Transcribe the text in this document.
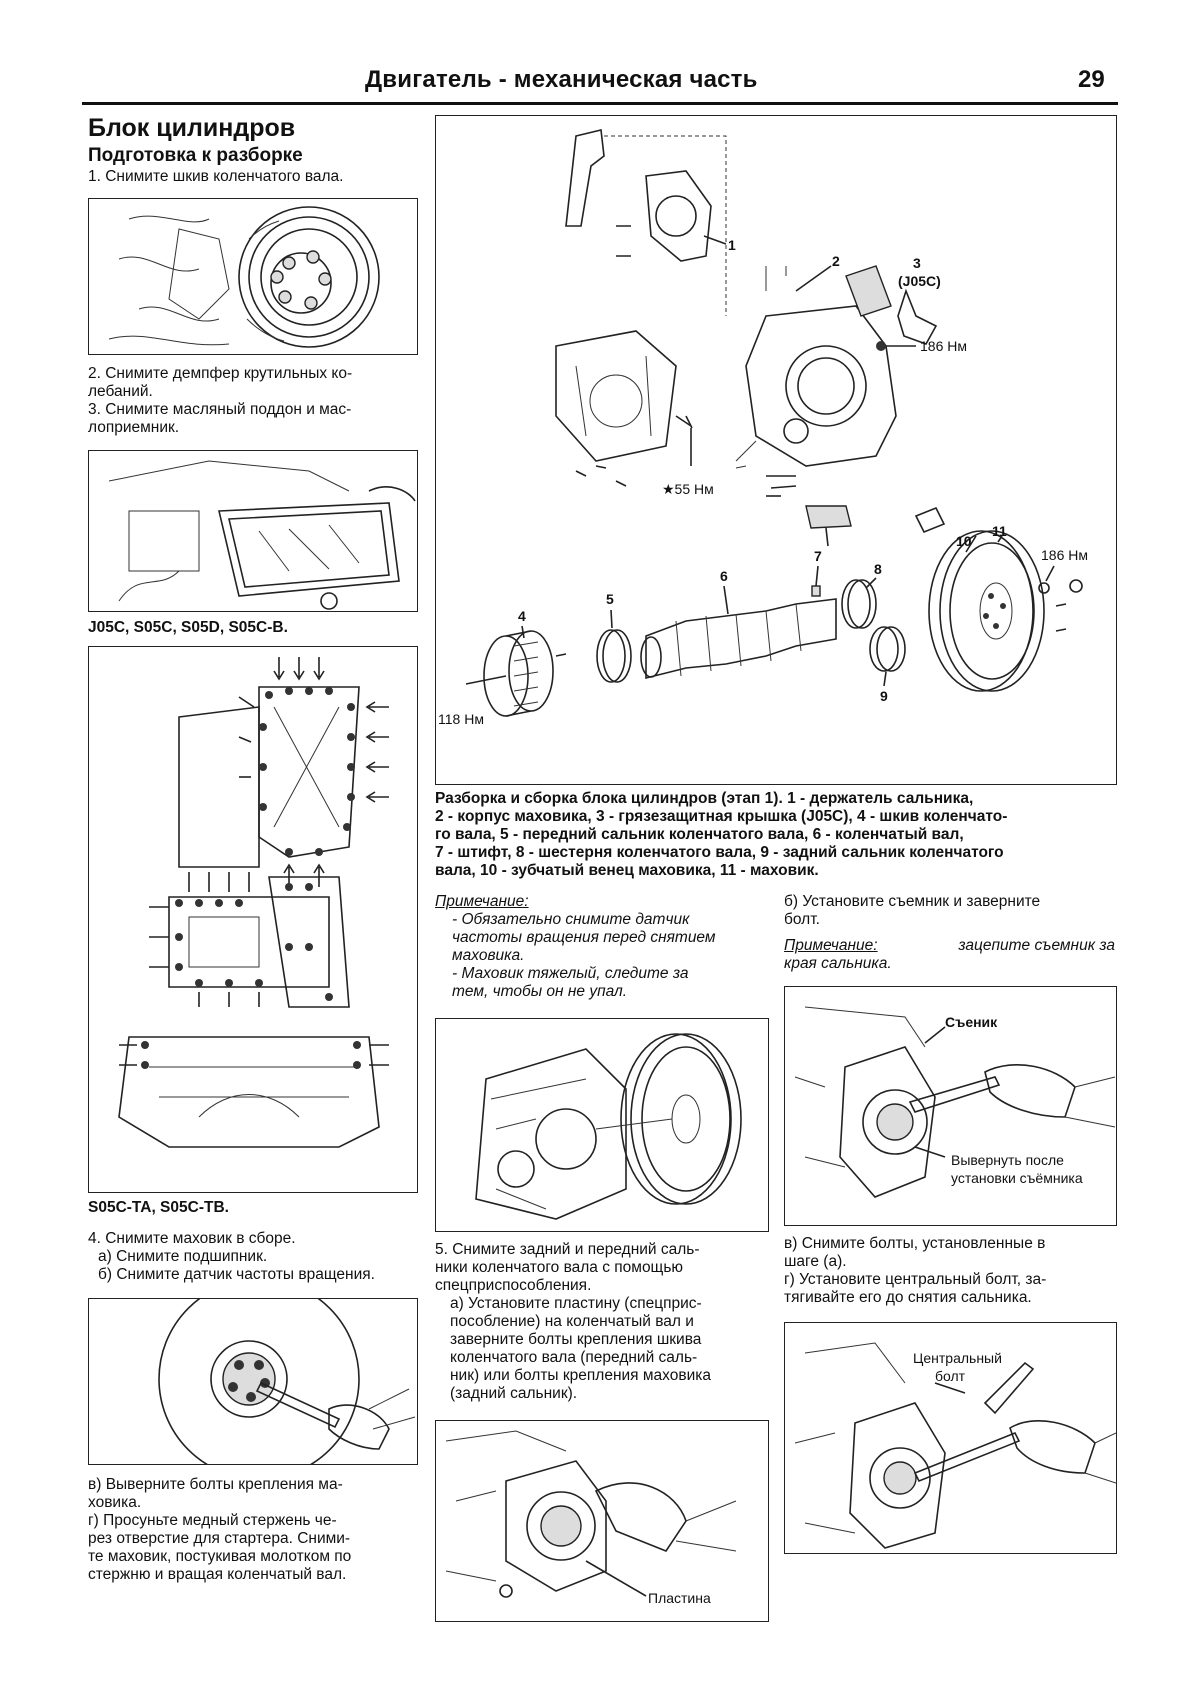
Двигатель - механическая часть	29
Блок цилиндров
Подготовка к разборке
1. Снимите шкив коленчатого вала.
2. Снимите демпфер крутильных ко-
лебаний.
3. Снимите масляный поддон и мас-
лоприемник.
J05C, S05C, S05D, S05C-B.
S05C-TA, S05C-TB.
4. Снимите маховик в сборе.
а) Снимите подшипник.
б) Снимите датчик частоты вращения.
в) Выверните болты крепления ма-
ховика.
г) Просуньте медный стержень че-
рез отверстие для стартера. Сними-
те маховик, постукивая молотком по
стержню и вращая коленчатый вал.
1
2	3
(J05C)
186 Нм
★55 Нм
118 Нм
4
5
6
7
8
9
10
11
186 Нм
Разборка и сборка блока цилиндров (этап 1). 1 - держатель сальника,
2 - корпус маховика, 3 - грязезащитная крышка (J05C), 4 - шкив коленчато-
го вала, 5 - передний сальник коленчатого вала, 6 - коленчатый вал,
7 - штифт, 8 - шестерня коленчатого вала, 9 - задний сальник коленчатого
вала, 10 - зубчатый венец маховика, 11 - маховик.
Примечание:
- Обязательно снимите датчик
частоты вращения перед снятием
маховика.
- Маховик тяжелый, следите за
тем, чтобы он не упал.
5. Снимите задний и передний саль-
ники коленчатого вала с помощью
спецприспособления.
а) Установите пластину (спецприс-
пособление) на коленчатый вал и
заверните болты крепления шкива
коленчатого вала (передний саль-
ник) или болты крепления маховика
(задний сальник).
Пластина
б) Установите съемник и заверните
болт.
Примечание:	зацепите съемник за
края сальника.
Съеник
Вывернуть после
установки съёмника
в) Снимите болты, установленные в
шаге (а).
г) Установите центральный болт, за-
тягивайте его до снятия сальника.
Центральный
болт
